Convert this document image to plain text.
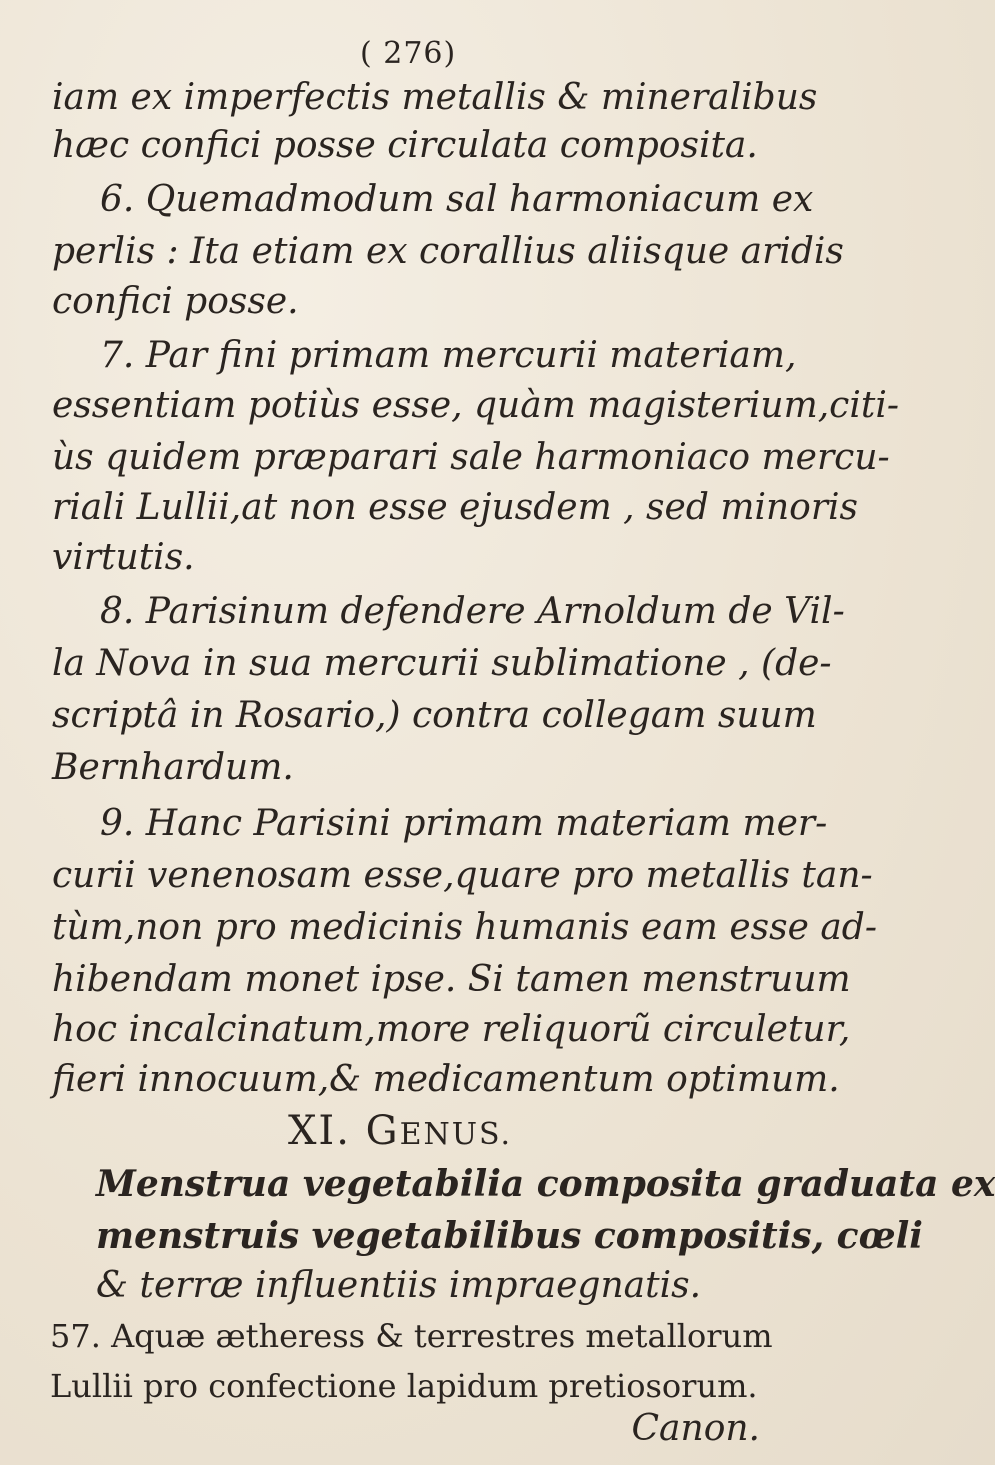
( 276)
iam ex imperfectis metallis & mineralibus
hæc confici posse circulata composita.
6. Quemadmodum sal harmoniacum ex
perlis : Ita etiam ex corallius aliisque aridis
confici posse.
7. Par fini primam mercurii materiam,
essentiam potiùs esse, quàm magisterium,citi-
ùs quidem præparari sale harmoniaco mercu-
riali Lullii,at non esse ejusdem , sed minoris
virtutis.
8. Parisinum defendere Arnoldum de Vil-
la Nova in sua mercurii sublimatione , (de-
scriptâ in Rosario,) contra collegam suum
Bernhardum.
9. Hanc Parisini primam materiam mer-
curii venenosam esse,quare pro metallis tan-
tùm,non pro medicinis humanis eam esse ad-
hibendam monet ipse. Si tamen menstruum
hoc incalcinatum,more reliquorũ circuletur,
fieri innocuum,& medicamentum optimum.
XI. GENUS.
Menstrua vegetabilia composita graduata ex
menstruis vegetabilibus compositis, cœli
& terræ influentiis impraegnatis.
57. Aquæ ætheress & terrestres metallorum
Lullii pro confectione lapidum pretiosorum.
Canon.
